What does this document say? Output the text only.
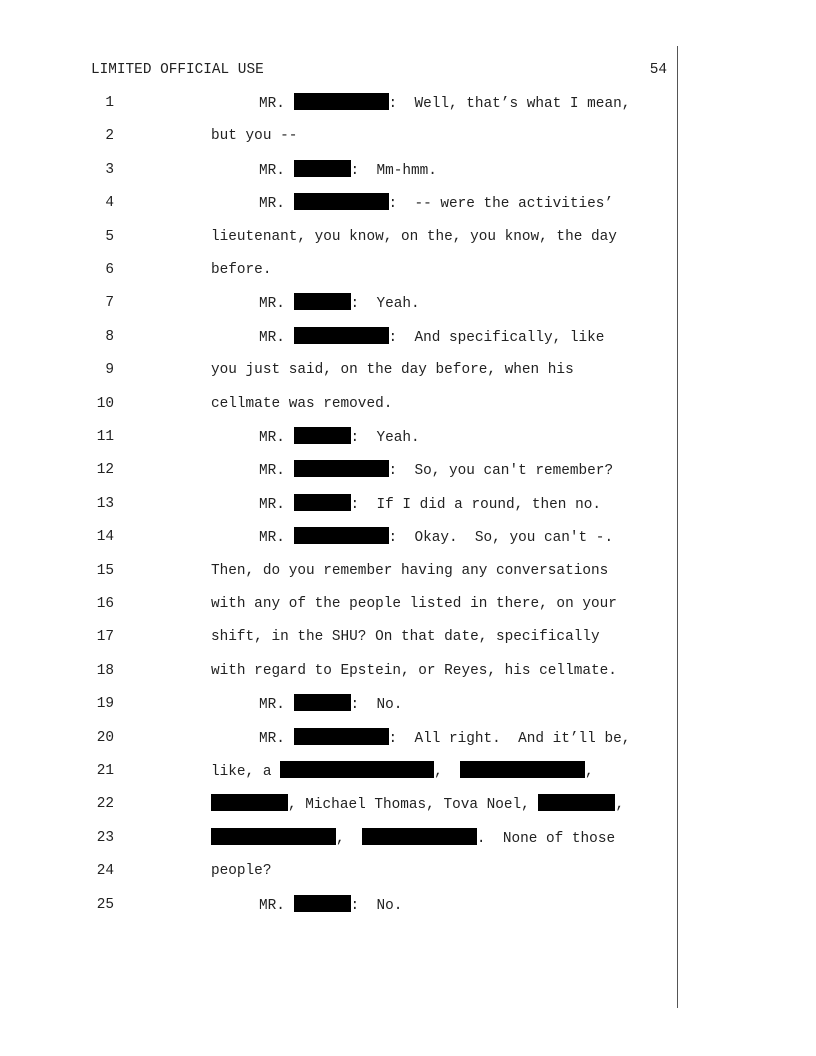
LIMITED OFFICIAL USE	54
1	MR.	:  Well, that’s what I mean,
2	but you --
3	MR.	:  Mm-hmm.
4	MR.	:  -- were the activities’
5	lieutenant, you know, on the, you know, the day
6	before.
7	MR.	:  Yeah.
8	MR.	:  And specifically, like
9	you just said, on the day before, when his
10	cellmate was removed.
11	MR.	:  Yeah.
12	MR.	:  So, you can't remember?
13	MR.	:  If I did a round, then no.
14	MR.	:  Okay.  So, you can't -.
15	Then, do you remember having any conversations
16	with any of the people listed in there, on your
17	shift, in the SHU? On that date, specifically
18	with regard to Epstein, or Reyes, his cellmate.
19	MR.	:  No.
20	MR.	:  All right.  And it’ll be,
21	like, a	,	,
22	, Michael Thomas, Tova Noel,	,
23	,	.  None of those
24	people?
25	MR.	:  No.
